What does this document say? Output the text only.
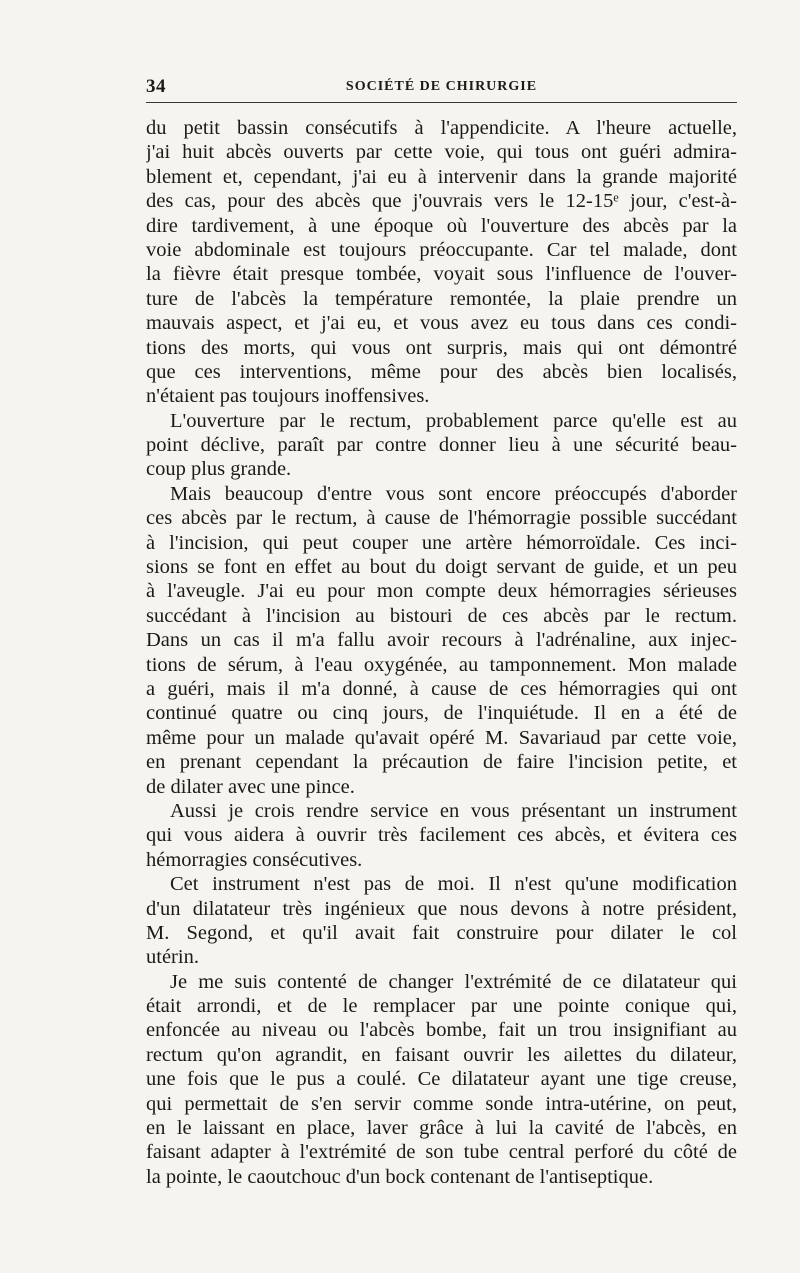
34	SOCIÉTÉ DE CHIRURGIE

du petit bassin consécutifs à l'appendicite. A l'heure actuelle,
j'ai huit abcès ouverts par cette voie, qui tous ont guéri admira-
blement et, cependant, j'ai eu à intervenir dans la grande majorité
des cas, pour des abcès que j'ouvrais vers le 12-15ᵉ jour, c'est-à-
dire tardivement, à une époque où l'ouverture des abcès par la
voie abdominale est toujours préoccupante. Car tel malade, dont
la fièvre était presque tombée, voyait sous l'influence de l'ouver-
ture de l'abcès la température remontée, la plaie prendre un
mauvais aspect, et j'ai eu, et vous avez eu tous dans ces condi-
tions des morts, qui vous ont surpris, mais qui ont démontré
que ces interventions, même pour des abcès bien localisés,
n'étaient pas toujours inoffensives.

L'ouverture par le rectum, probablement parce qu'elle est au
point déclive, paraît par contre donner lieu à une sécurité beau-
coup plus grande.

Mais beaucoup d'entre vous sont encore préoccupés d'aborder
ces abcès par le rectum, à cause de l'hémorragie possible succédant
à l'incision, qui peut couper une artère hémorroïdale. Ces inci-
sions se font en effet au bout du doigt servant de guide, et un peu
à l'aveugle. J'ai eu pour mon compte deux hémorragies sérieuses
succédant à l'incision au bistouri de ces abcès par le rectum.
Dans un cas il m'a fallu avoir recours à l'adrénaline, aux injec-
tions de sérum, à l'eau oxygénée, au tamponnement. Mon malade
a guéri, mais il m'a donné, à cause de ces hémorragies qui ont
continué quatre ou cinq jours, de l'inquiétude. Il en a été de
même pour un malade qu'avait opéré M. Savariaud par cette voie,
en prenant cependant la précaution de faire l'incision petite, et
de dilater avec une pince.

Aussi je crois rendre service en vous présentant un instrument
qui vous aidera à ouvrir très facilement ces abcès, et évitera ces
hémorragies consécutives.

Cet instrument n'est pas de moi. Il n'est qu'une modification
d'un dilatateur très ingénieux que nous devons à notre président,
M. Segond, et qu'il avait fait construire pour dilater le col
utérin.

Je me suis contenté de changer l'extrémité de ce dilatateur qui
était arrondi, et de le remplacer par une pointe conique qui,
enfoncée au niveau ou l'abcès bombe, fait un trou insignifiant au
rectum qu'on agrandit, en faisant ouvrir les ailettes du dilateur,
une fois que le pus a coulé. Ce dilatateur ayant une tige creuse,
qui permettait de s'en servir comme sonde intra-utérine, on peut,
en le laissant en place, laver grâce à lui la cavité de l'abcès, en
faisant adapter à l'extrémité de son tube central perforé du côté de
la pointe, le caoutchouc d'un bock contenant de l'antiseptique.
